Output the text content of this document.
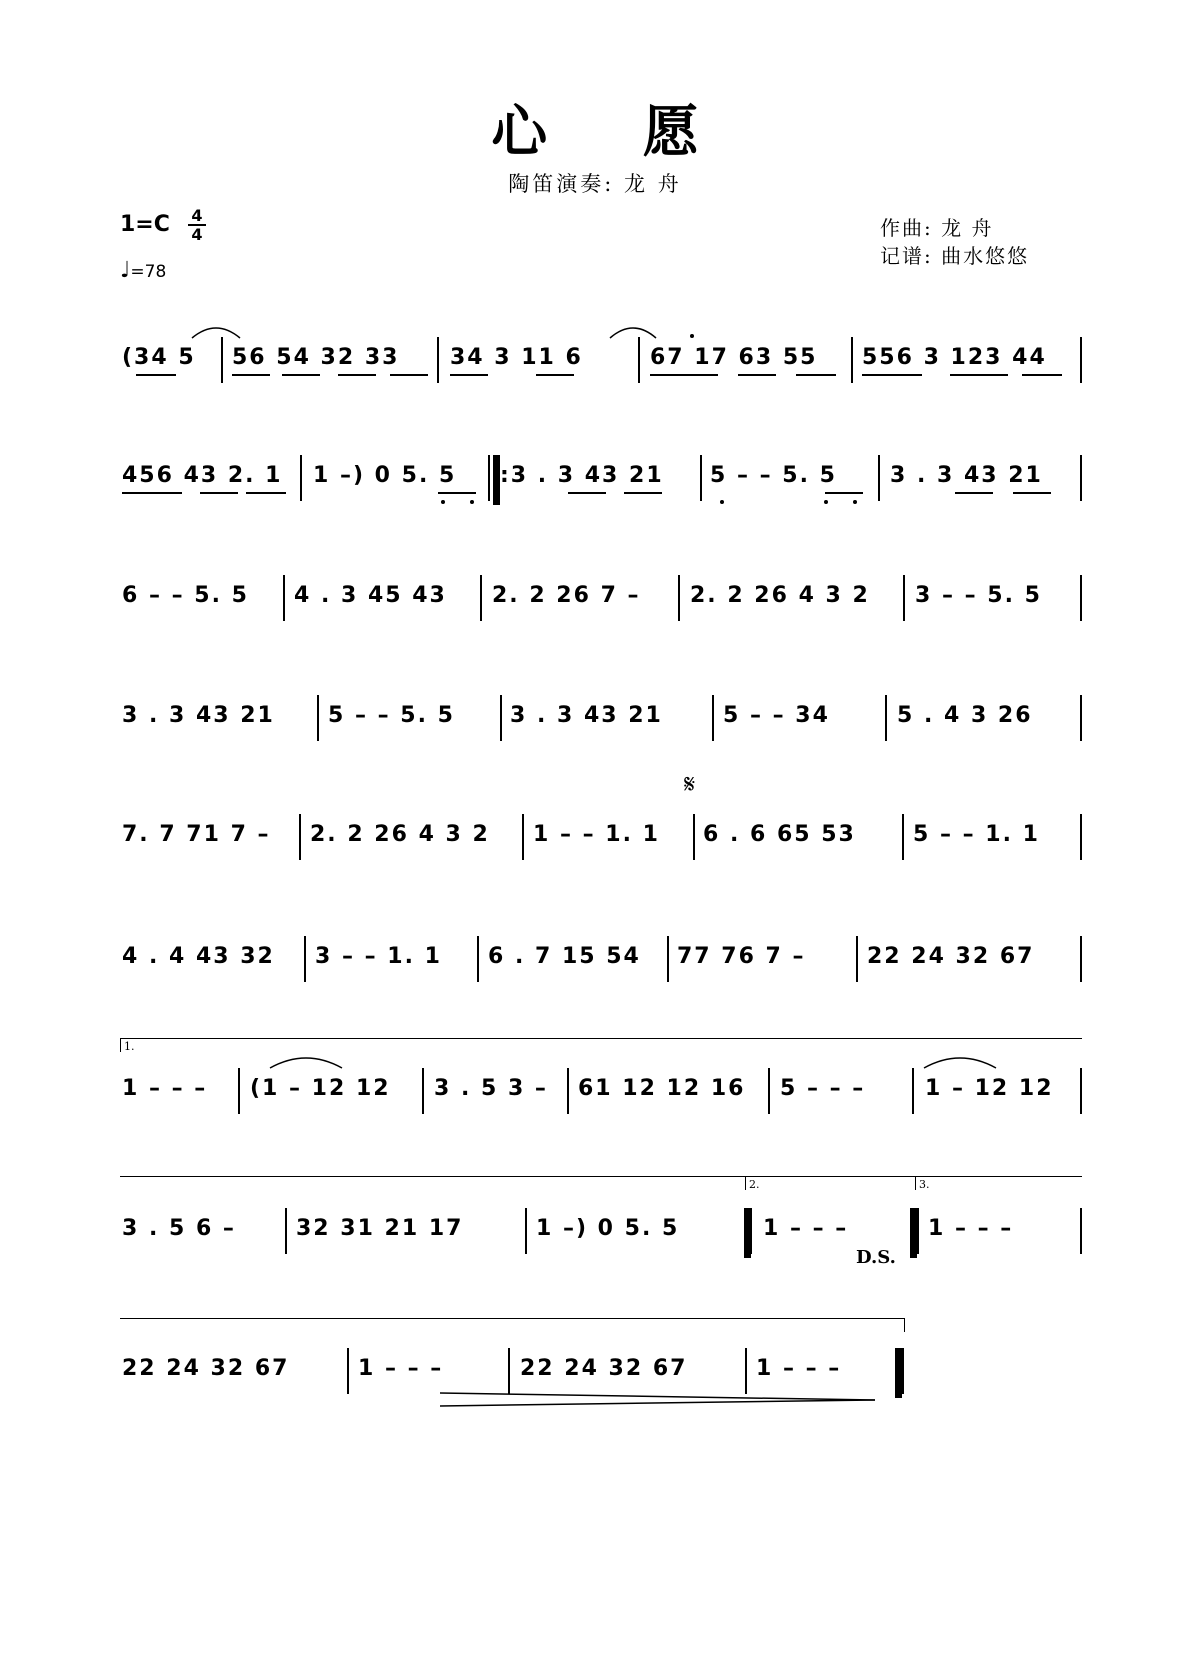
心 愿
陶笛演奏: 龙 舟
1=C 4
4
♩=78
作曲: 龙 舟
记谱: 曲水悠悠
(34 5 56 54 32 33 34 3 11 6	67 17 63 55 556 3 123 44
456 43 2. 1 1 –) 0 5. 5 :3 . 3 43 21 5 – – 5. 5 3 . 3 43 21
6 – – 5. 5 4 . 3 45 43 2. 2 26 7 – 2. 2 26 4 3 2 3 – – 5. 5
3 . 3 43 21 5 – – 5. 5	3 . 3 43 21	5 – – 34	5 . 4 3 26
7. 7 71 7 – 2. 2 26 4 3 2 1 – – 1. 1 6 . 6 65 53	5 – – 1. 1
4 . 4 43 32 3 – – 1. 1 6 . 7 15 54 77 76 7 –	22 24 32 67
1 – – – (1 – 12 12 3 . 5 3 – 61 12 12 16 5 – – –	1 – 12 12
3 . 5 6 –	32 31 21 17	1 –) 0 5. 5	1 – – –	1 – – –
22 24 32 67	1 – – –	22 24 32 67	1 – – –
1.
2.	3.
𝄋
D.S.
